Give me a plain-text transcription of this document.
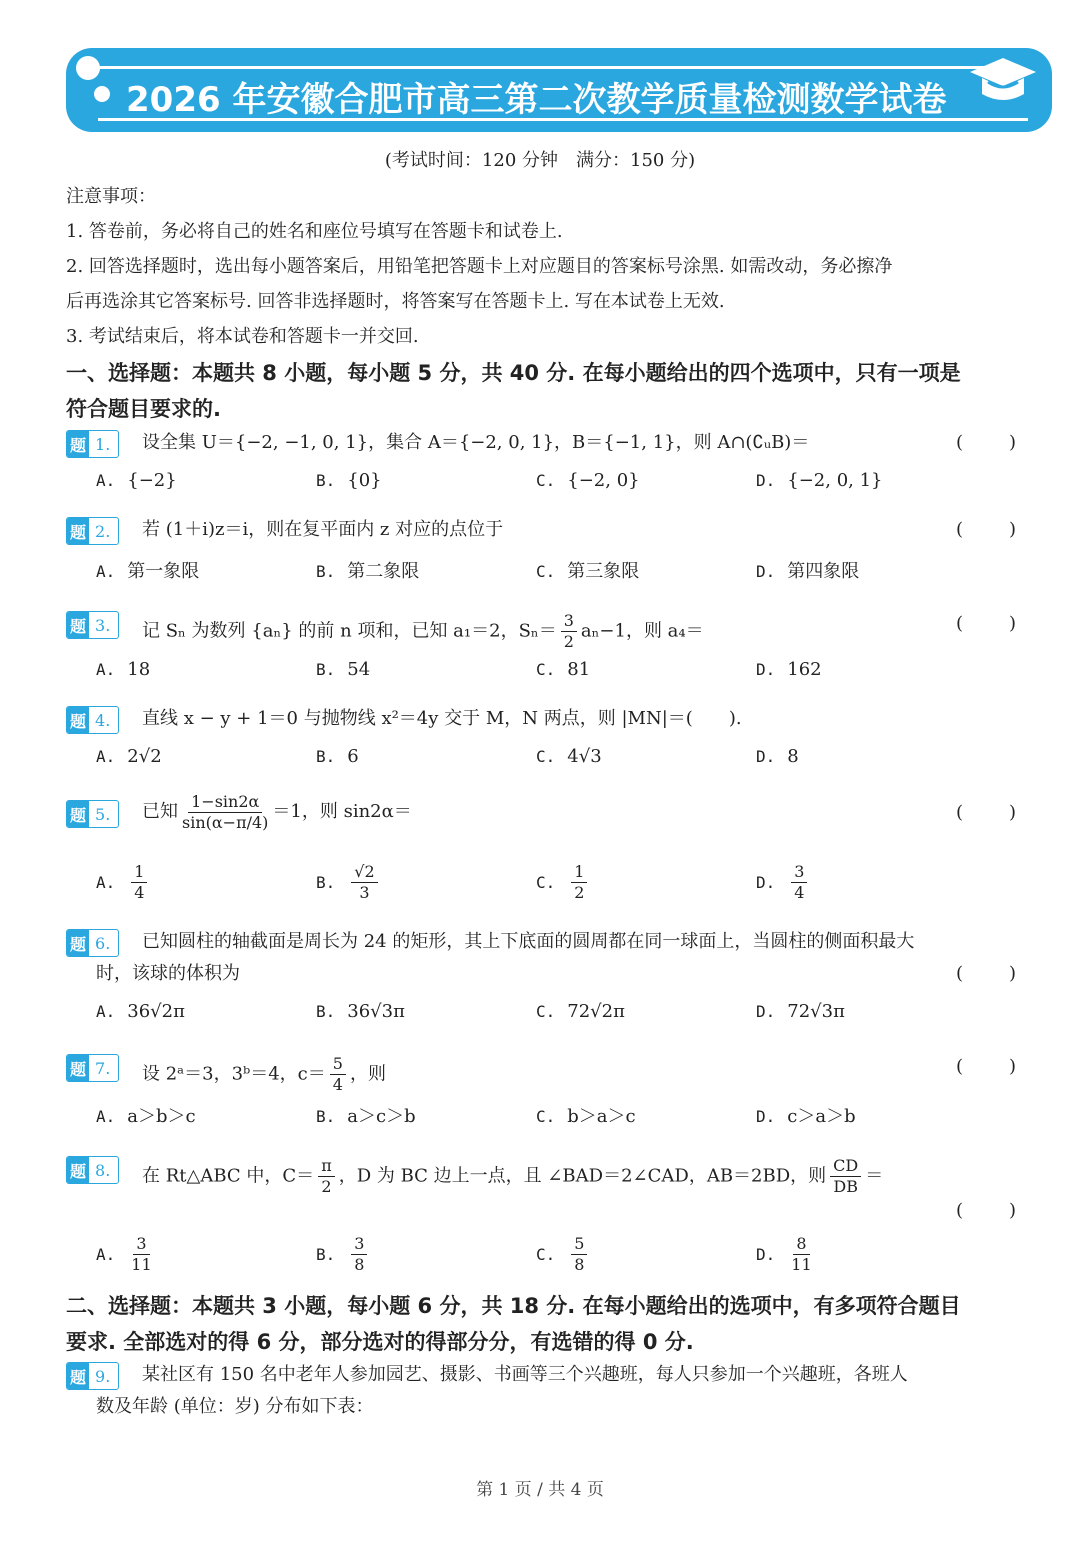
2026 年安徽合肥市高三第二次教学质量检测数学试卷
(考试时间：120 分钟　满分：150 分)
注意事项：
1. 答卷前，务必将自己的姓名和座位号填写在答题卡和试卷上.
2. 回答选择题时，选出每小题答案后，用铅笔把答题卡上对应题目的答案标号涂黑. 如需改动，务必擦净
后再选涂其它答案标号. 回答非选择题时，将答案写在答题卡上. 写在本试卷上无效.
3. 考试结束后，将本试卷和答题卡一并交回.
一、选择题：本题共 8 小题，每小题 5 分，共 40 分. 在每小题给出的四个选项中，只有一项是
符合题目要求的.
题 1.	设全集 U＝{−2, −1, 0, 1}，集合 A＝{−2, 0, 1}，B＝{−1, 1}，则 A∩(∁ᵤB)＝	(	)
A. {−2}	B. {0}	C. {−2, 0}	D. {−2, 0, 1}
题 2.	若 (1＋i)z＝i，则在复平面内 z 对应的点位于	(	)
A. 第一象限	B. 第二象限	C. 第三象限	D. 第四象限
题 3.	记 Sₙ 为数列 {aₙ} 的前 n 项和，已知 a₁＝2，$S_n= \frac{3}{2} a_n-1$，则 a₄＝	(	)
A. 18	B. 54	C. 81	D. 162
题 4.	直线 x − y + 1＝0 与抛物线 x²＝4y 交于 M，N 两点，则 |MN|＝(　　).
A. 2√2	B. 6	C. 4√3	D. 8
题 5.	已知 $\frac{1-\sin 2\alpha}{\sin(\alpha-\pi/4)} =1$，则 sin2α＝	(	)
A. $\frac{1}{4}$	B. $\frac{√2}{3}$	C. $\frac{1}{2}$	D. $\frac{3}{4}$
题 6.	已知圆柱的轴截面是周长为 24 的矩形，其上下底面的圆周都在同一球面上，当圆柱的侧面积最大
时，该球的体积为	(	)
A. 36√2π	B. 36√3π	C. 72√2π	D. 72√3π
题 7.	设 2ᵃ＝3，3ᵇ＝4，$c= \frac{5}{4}$ ，则	(	)
A. a＞b＞c	B. a＞c＞b	C. b＞a＞c	D. c＞a＞b
题 8.	在 Rt△ABC 中，$C= \frac{\pi}{2}$ ，D 为 BC 边上一点，且 ∠BAD＝2∠CAD，AB＝2BD，则 $\frac{CD}{DB}$ ＝
(	)
A. $\frac{3}{11}$	B. $\frac{3}{8}$	C. $\frac{5}{8}$	D. $\frac{8}{11}$
二、选择题：本题共 3 小题，每小题 6 分，共 18 分. 在每小题给出的选项中，有多项符合题目
要求. 全部选对的得 6 分，部分选对的得部分分，有选错的得 0 分.
题 9.	某社区有 150 名中老年人参加园艺、摄影、书画等三个兴趣班，每人只参加一个兴趣班，各班人
数及年龄 (单位：岁) 分布如下表：
第 1 页 / 共 4 页
